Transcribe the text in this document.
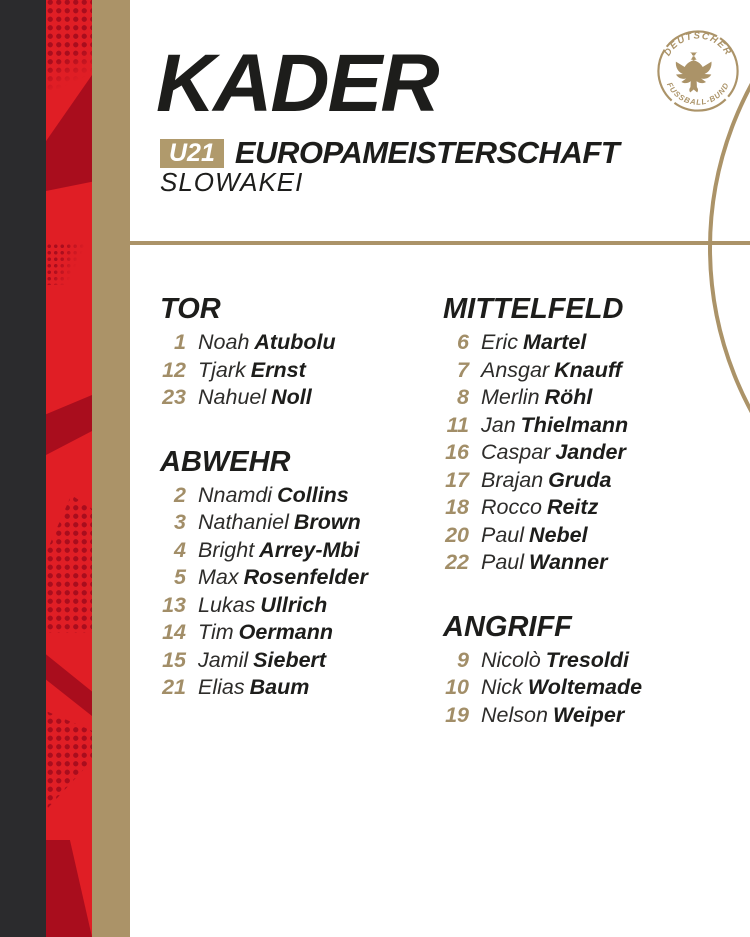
DEUTSCHER
FUSSBALL-BUND
KADER
U21 EUROPAMEISTERSCHAFT
SLOWAKEI
TOR
1 Noah Atubolu
12 Tjark Ernst
23 Nahuel Noll
ABWEHR
2 Nnamdi Collins
3 Nathaniel Brown
4 Bright Arrey-Mbi
5 Max Rosenfelder
13 Lukas Ullrich
14 Tim Oermann
15 Jamil Siebert
21 Elias Baum
MITTELFELD
6 Eric Martel
7 Ansgar Knauff
8 Merlin Röhl
11 Jan Thielmann
16 Caspar Jander
17 Brajan Gruda
18 Rocco Reitz
20 Paul Nebel
22 Paul Wanner
ANGRIFF
9 Nicolò Tresoldi
10 Nick Woltemade
19 Nelson Weiper
